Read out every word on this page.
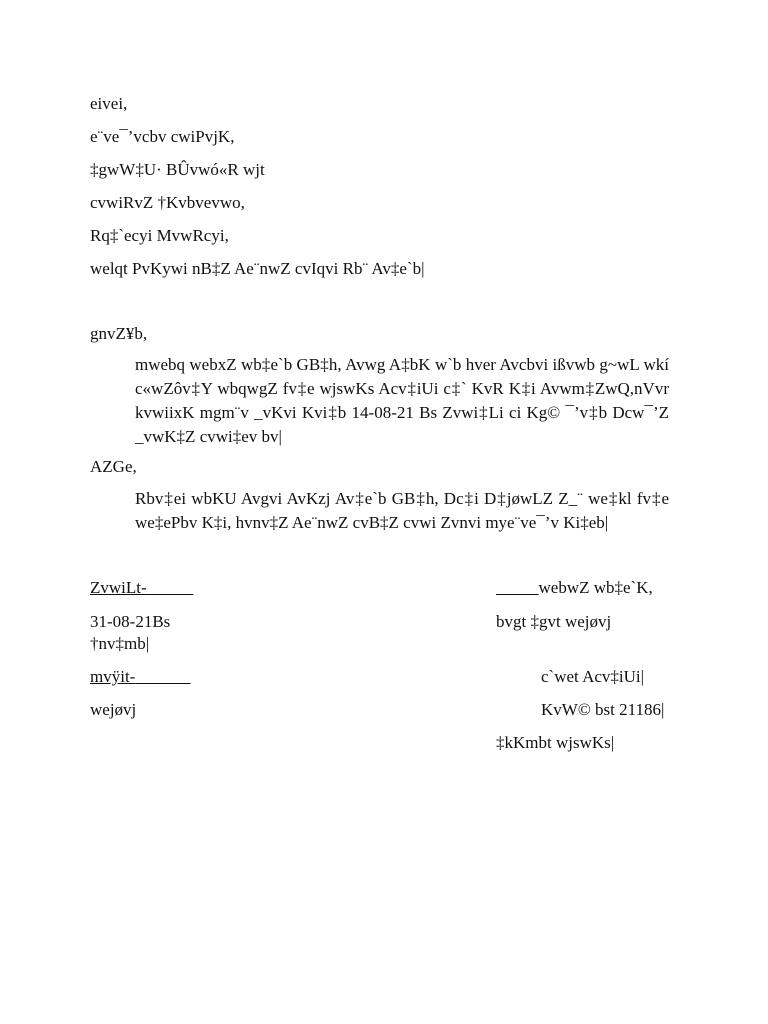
eivei,
e¨ve¯’vcbv cwiPvjK,
‡gwW‡U· BÛvwó«R wjt
cvwiRvZ †Kvbvevwo,
Rq‡`ecyi MvwRcyi,
welqt PvKywi nB‡Z Ae¨nwZ cvIqvi Rb¨ Av‡e`b|
gnvZ¥b,
mwebq webxZ wb‡e`b GB‡h, Avwg A‡bK w`b hver Avcbvi ißvwb g~wL wkí c«wZôv‡Y wbqwgZ fv‡e wjswKs Acv‡iUi c‡` KvR K‡i Avwm‡ZwQ,nVvr kvwiixK mgm¨v _vKvi Kvi‡b 14-08-21 Bs Zvwi‡Li ci Kg© ¯’v‡b Dcw¯’Z _vwK‡Z cvwi‡ev bv|
AZGe,
Rbv‡ei wbKU Avgvi AvKzj Av‡e`b GB‡h, Dc‡i D‡jøwLZ Z_¨ we‡kl fv‡e we‡ePbv K‡i, hvnv‡Z Ae¨nwZ cvB‡Z cvwi Zvnvi mye¨ve¯’v Ki‡eb|
ZvwiLt-	webwZ wb‡e`K,
31-08-21Bs
†nv‡mb|
bvgt ‡gvt wejøvj
mvÿit-	c`wet Acv‡iUi|
wejøvj	KvW© bst 21186|
‡kKmbt wjswKs|
